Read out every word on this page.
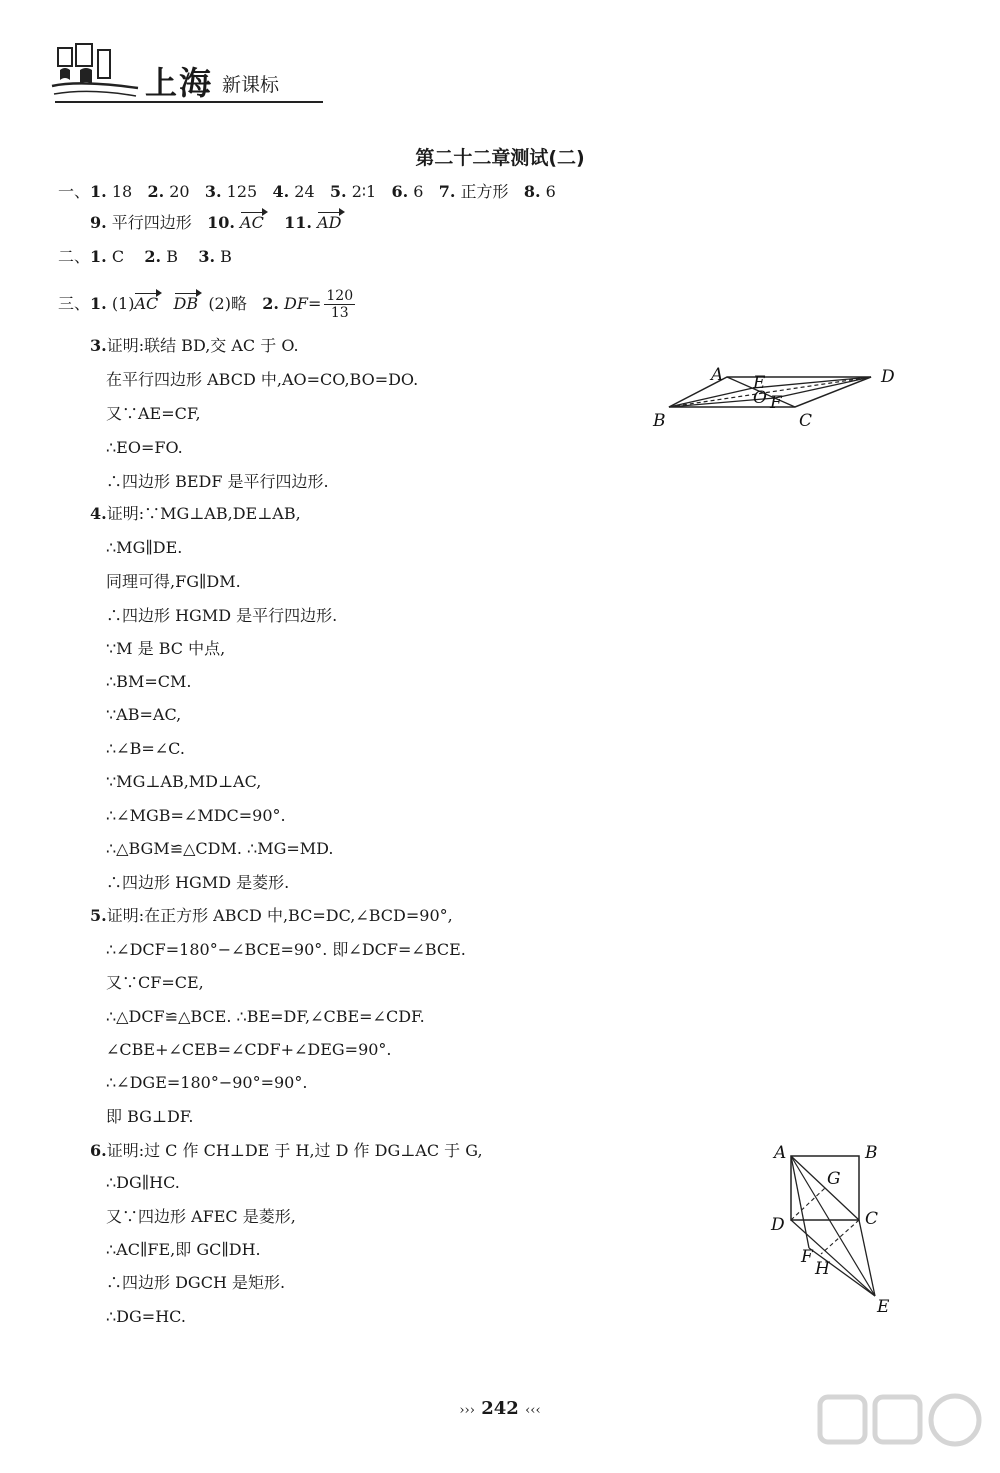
上海 新课标
第二十二章测试(二)
一、1. 18 2. 20 3. 125 4. 24 5. 2∶1 6. 6 7. 正方形 8. 6
9. 平行四边形 10. AC 11. AD
二、1. C 2. B 3. B
三、1. (1)AC DB (2)略 2. $DF= \frac{120}{13}$
3.证明:联结 BD,交 AC 于 O.
在平行四边形 ABCD 中,AO=CO,BO=DO.
又∵AE=CF,
∴EO=FO.
∴四边形 BEDF 是平行四边形.
4.证明:∵MG⊥AB,DE⊥AB,
∴MG∥DE.
同理可得,FG∥DM.
∴四边形 HGMD 是平行四边形.
∵M 是 BC 中点,
∴BM=CM.
∵AB=AC,
∴∠B=∠C.
∵MG⊥AB,MD⊥AC,
∴∠MGB=∠MDC=90°.
∴△BGM≌△CDM. ∴MG=MD.
∴四边形 HGMD 是菱形.
5.证明:在正方形 ABCD 中,BC=DC,∠BCD=90°,
∴∠DCF=180°−∠BCE=90°. 即∠DCF=∠BCE.
又∵CF=CE,
∴△DCF≌△BCE. ∴BE=DF,∠CBE=∠CDF.
∠CBE+∠CEB=∠CDF+∠DEG=90°.
∴∠DGE=180°−90°=90°.
即 BG⊥DF.
6.证明:过 C 作 CH⊥DE 于 H,过 D 作 DG⊥AC 于 G,
∴DG∥HC.
又∵四边形 AFEC 是菱形,
∴AC∥FE,即 GC∥DH.
∴四边形 DGCH 是矩形.
∴DG=HC.
A	D
E
O F
B	C
A	B
G
D	C
F
H
E
››› 242 ‹‹‹
